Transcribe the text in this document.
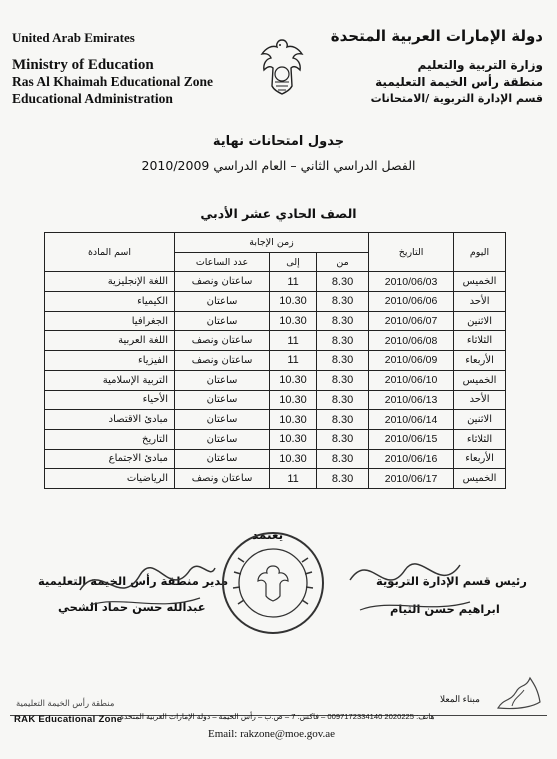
United Arab Emirates
Ministry of Education
Ras Al Khaimah Educational Zone
Educational Administration
دولة الإمارات العربية المتحدة
وزارة التربية والتعليم
منطقة رأس الخيمة التعليمية
قسم الإدارة التربوية /الامتحانات
جدول امتحانات نهاية
الفصل الدراسي الثاني – العام الدراسي 2010/2009
الصف الحادي عشر الأدبي
اليوم	التاريخ	زمن الإجابة			اسم المادة
		من	إلى	عدد الساعات	
الخميس	2010/06/03	8.30	11	ساعتان ونصف	اللغة الإنجليزية
الأحد	2010/06/06	8.30	10.30	ساعتان	الكيمياء
الاثنين	2010/06/07	8.30	10.30	ساعتان	الجغرافيا
الثلاثاء	2010/06/08	8.30	11	ساعتان ونصف	اللغة العربية
الأربعاء	2010/06/09	8.30	11	ساعتان ونصف	الفيزياء
الخميس	2010/06/10	8.30	10.30	ساعتان	التربية الإسلامية
الأحد	2010/06/13	8.30	10.30	ساعتان	الأحياء
الاثنين	2010/06/14	8.30	10.30	ساعتان	مبادئ الاقتصاد
الثلاثاء	2010/06/15	8.30	10.30	ساعتان	التاريخ
الأربعاء	2010/06/16	8.30	10.30	ساعتان	مبادئ الاجتماع
الخميس	2010/06/17	8.30	11	ساعتان ونصف	الرياضيات
يعتمد
مدير منطقة رأس الخيمة التعليمية
عبدالله حسن حماد الشحي
رئيس قسم الإدارة التربوية
ابراهيم حسن الثيام
منطقة رأس الخيمة التعليمية
RAK Educational Zone
مبناء المعلا
هاتف: 2020225 0097172334140 – فاكس: 7 – ص.ب – رأس الخيمة – دولة الإمارات العربية المتحدة
Email: rakzone@moe.gov.ae
